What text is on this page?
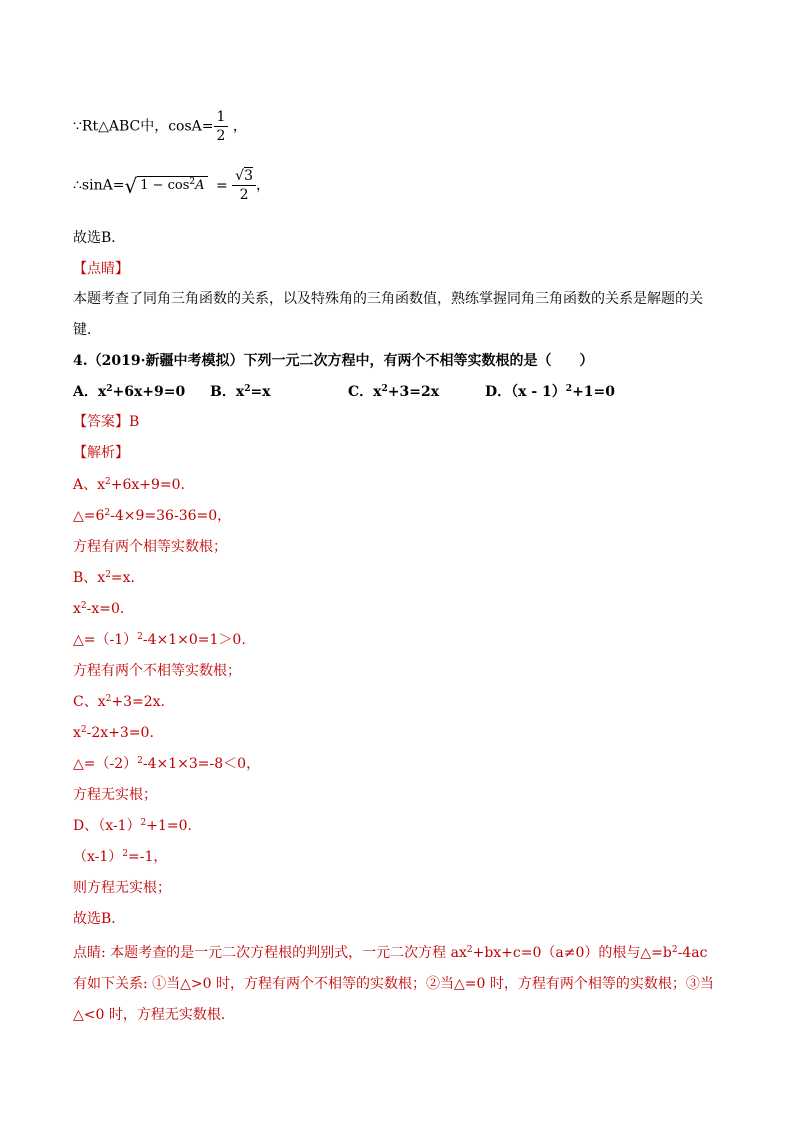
∵Rt△ABC中，$\cos A= \frac{1}{2}$ ，
∴sinA=√ $1 - \cos^2A = \frac{√3}{2}$ ，
故选B．
【点睛】
本题考查了同角三角函数的关系，以及特殊角的三角函数值，熟练掌握同角三角函数的关系是解题的关键．
4.（2019·新疆中考模拟）下列一元二次方程中，有两个不相等实数根的是（　　）
A．$x^2+6x+9=0$ B．$x^2=x$	C．$x^2+3=2x$	D．（x - 1）$^2$+1=0
【答案】B
【解析】
A、$x^2+6x+9=0$.
$\triangle=6^2-4\times 9=36-36=0$，
方程有两个相等实数根；
B、$x^2=x$.
$x^2-x=0$.
$\triangle=(-1)^2-4\times 1\times 0=1>0$.
方程有两个不相等实数根；
C、$x^2+3=2x$.
$x^2-2x+3=0$.
$\triangle=(-2)^2-4\times 1\times 3=-8<0$，
方程无实根；
D、$(x-1)^2+1=0$.
$(x-1)^2=-1$，
则方程无实根；
故选B．
点睛: 本题考查的是一元二次方程根的判别式，一元二次方程 $ax^2+bx+c=0(a\ne 0)$的根与$\triangle=b^2-4ac$ 有如下关系: ①当△>0 时，方程有两个不相等的实数根；②当△=0 时，方程有两个相等的实数根；③当△<0 时，方程无实数根．
